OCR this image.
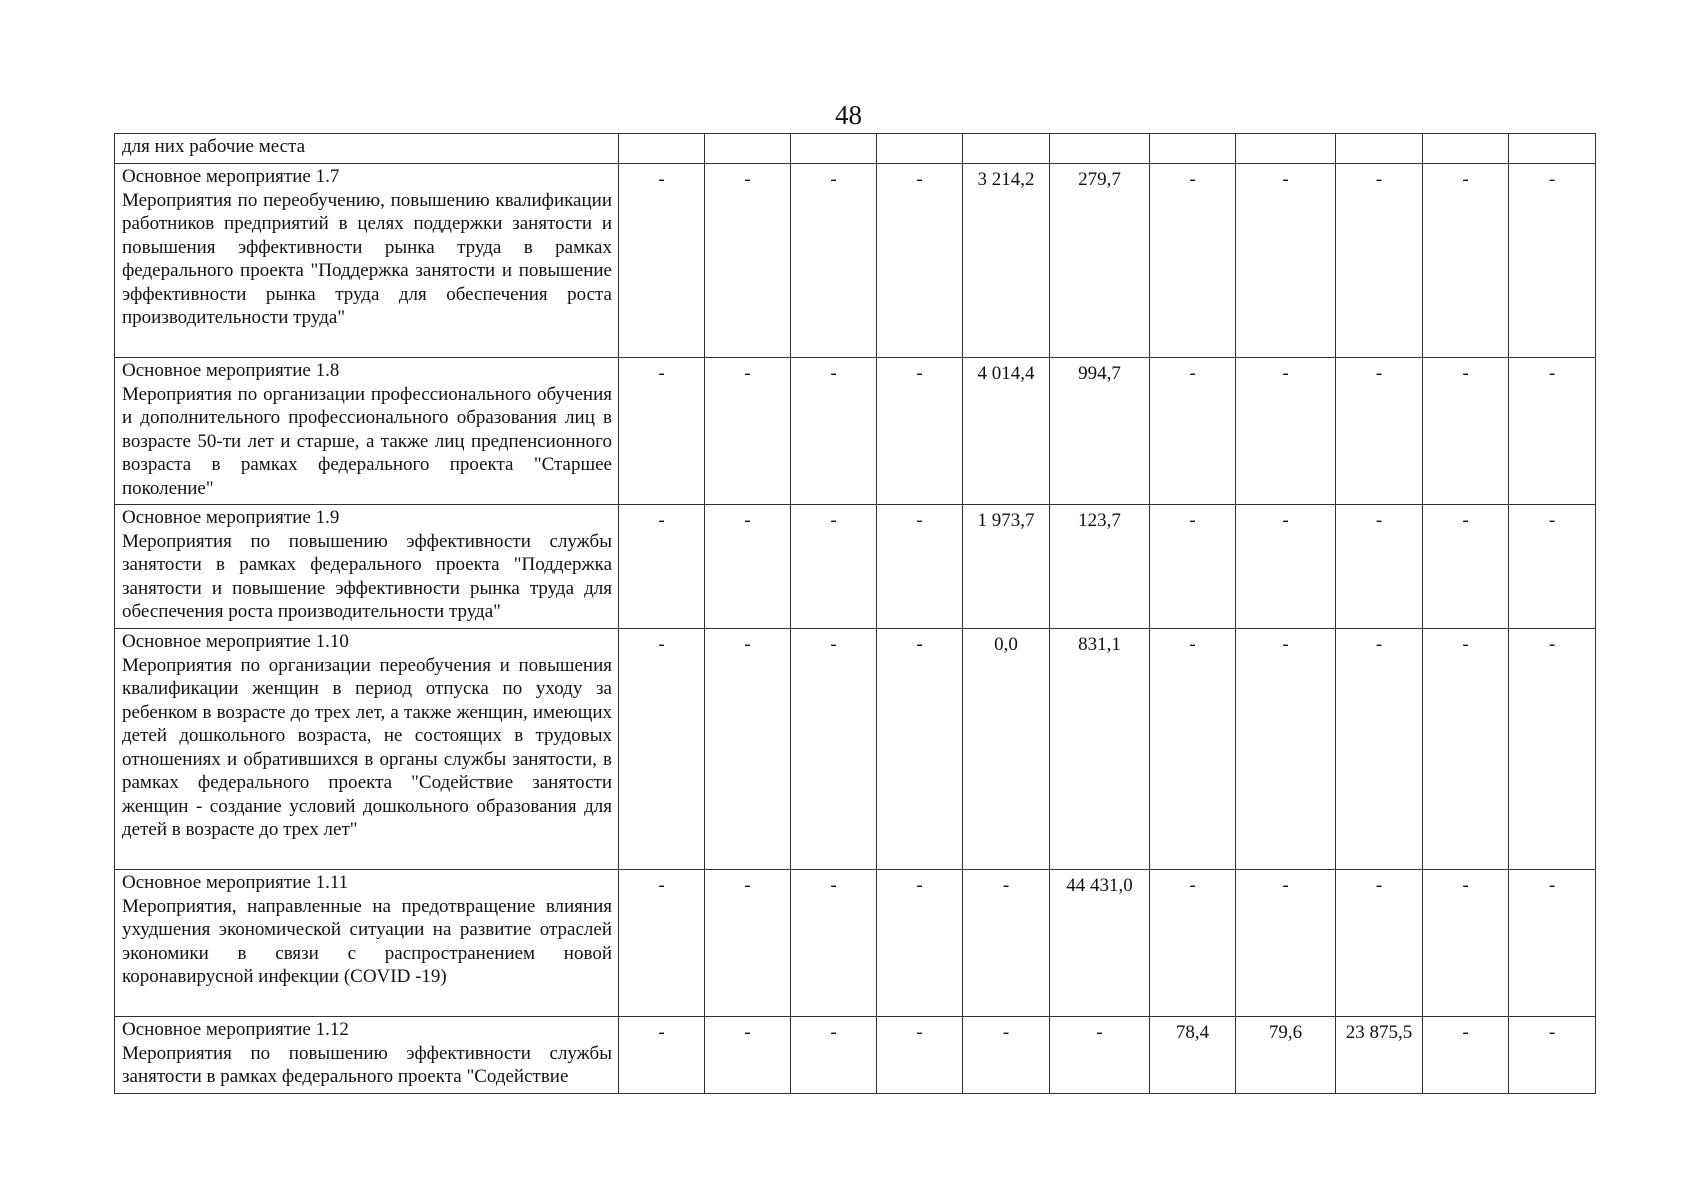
48
для них рабочие места											

Основное мероприятие 1.7
Мероприятия по переобучению, повышению квалификации работников предприятий в целях поддержки занятости и повышения эффективности рынка труда в рамках федерального проекта "Поддержка занятости и повышение эффективности рынка труда для обеспечения роста производительности труда"	-	-	-	-	3 214,2	279,7	-	-	-	-	-

Основное мероприятие 1.8
Мероприятия по организации профессионального обучения и дополнительного профессионального образования лиц в возрасте 50-ти лет и старше, а также лиц предпенсионного возраста в рамках федерального проекта "Старшее поколение"	-	-	-	-	4 014,4	994,7	-	-	-	-	-

Основное мероприятие 1.9
Мероприятия по повышению эффективности службы занятости в рамках федерального проекта "Поддержка занятости и повышение эффективности рынка труда для обеспечения роста производительности труда"	-	-	-	-	1 973,7	123,7	-	-	-	-	-

Основное мероприятие 1.10
Мероприятия по организации переобучения и повышения квалификации женщин в период отпуска по уходу за ребенком в возрасте до трех лет, а также женщин, имеющих детей дошкольного возраста, не состоящих в трудовых отношениях и обратившихся в органы службы занятости, в рамках федерального проекта "Содействие занятости женщин - создание условий дошкольного образования для детей в возрасте до трех лет"	-	-	-	-	0,0	831,1	-	-	-	-	-

Основное мероприятие 1.11
Мероприятия, направленные на предотвращение влияния ухудшения экономической ситуации на развитие отраслей экономики в связи с распространением новой коронавирусной инфекции (COVID -19)	-	-	-	-	-	44 431,0	-	-	-	-	-

Основное мероприятие 1.12
Мероприятия по повышению эффективности службы занятости в рамках федерального проекта "Содействие	-	-	-	-	-	-	78,4	79,6	23 875,5	-	-
